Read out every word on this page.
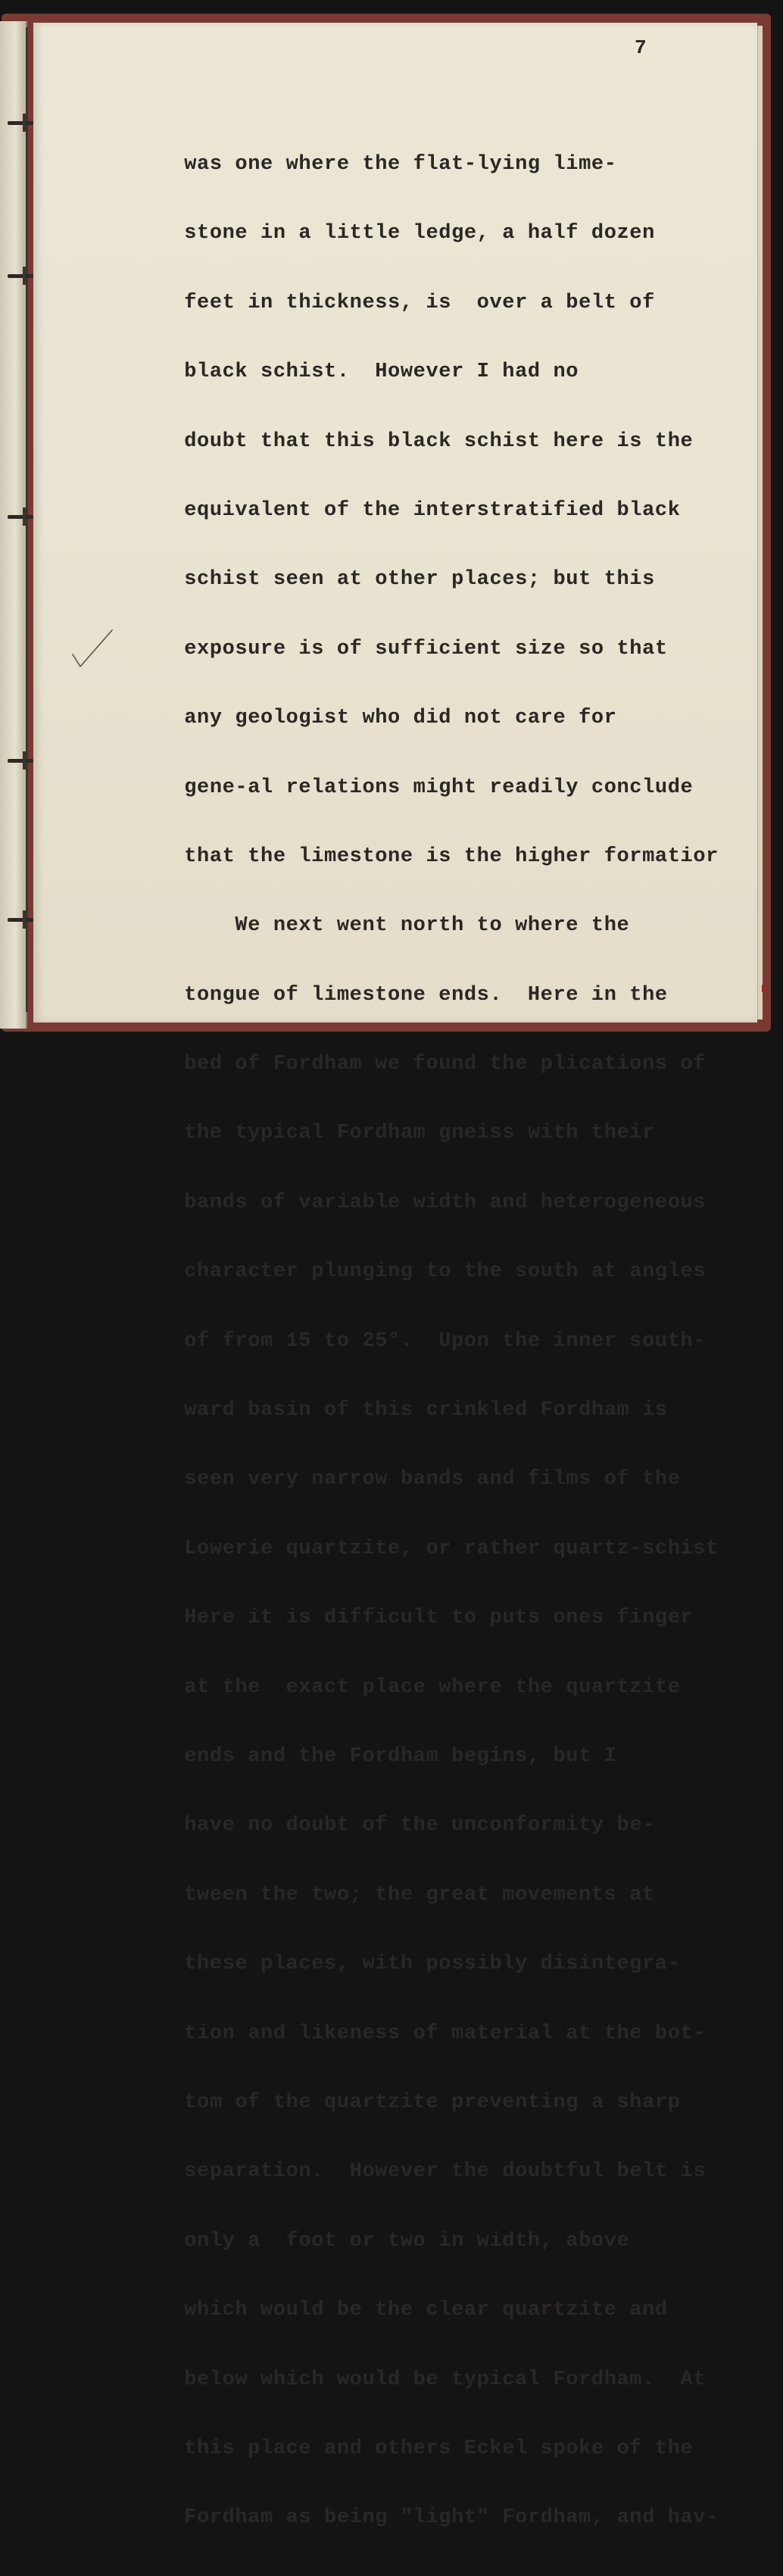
7

was one where the flat-lying lime-

stone in a little ledge, a half dozen

feet in thickness, is  over a belt of

black schist.  However I had no

doubt that this black schist here is the

equivalent of the interstratified black

schist seen at other places; but this

exposure is of sufficient size so that

any geologist who did not care for

gene-al relations might readily conclude

that the limestone is the higher formatior

We next went north to where the

tongue of limestone ends.  Here in the

bed of Fordham we found the plications of

the typical Fordham gneiss with their

bands of variable width and heterogeneous

character plunging to the south at angles

of from 15 to 25°.  Upon the inner south-

ward basin of this crinkled Fordham is

seen very narrow bands and films of the

Lowerie quartzite, or rather quartz-schist

Here it is difficult to puts ones finger

at the  exact place where the quartzite

ends and the Fordham begins, but I

have no doubt of the unconformity be-

tween the two; the great movements at

these places, with possibly disintegra-

tion and likeness of material at the bot-

tom of the quartzite preventing a sharp

separation.  However the doubtful belt is

only a  foot or two in width, above

which would be the clear quartzite and

below which would be typical Fordham.  At

this place and others Eckel spoke of the

Fordham as being "light" Fordham, and hav-
